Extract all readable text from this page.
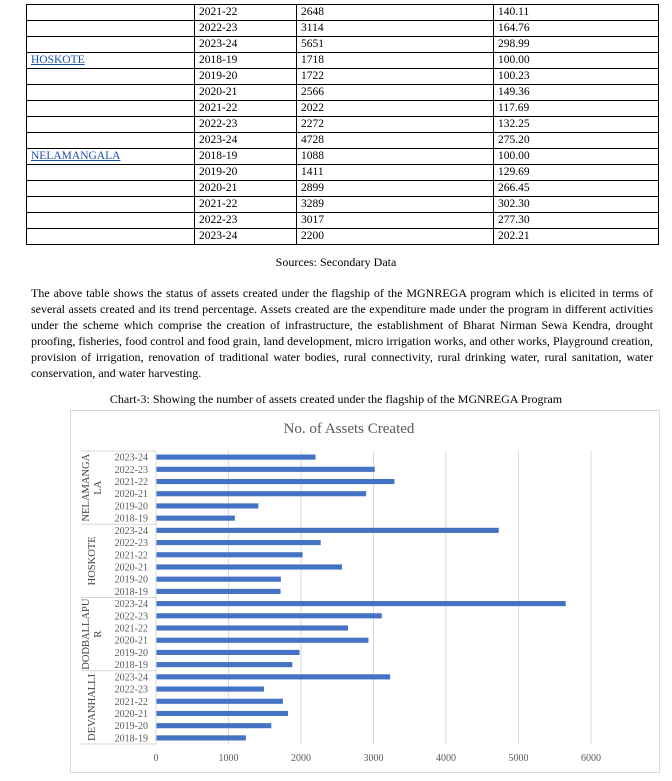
	2021-22	2648	140.11
	2022-23	3114	164.76
	2023-24	5651	298.99
HOSKOTE	2018-19	1718	100.00
	2019-20	1722	100.23
	2020-21	2566	149.36
	2021-22	2022	117.69
	2022-23	2272	132.25
	2023-24	4728	275.20
NELAMANGALA	2018-19	1088	100.00
	2019-20	1411	129.69
	2020-21	2899	266.45
	2021-22	3289	302.30
	2022-23	3017	277.30
	2023-24	2200	202.21
Sources: Secondary Data

The above table shows the status of assets created under the flagship of the MGNREGA program which is elicited in terms of several assets created and its trend percentage. Assets created are the expenditure made under the program in different activities under the scheme which comprise the creation of infrastructure, the establishment of Bharat Nirman Sewa Kendra, drought proofing, fisheries, food control and food grain, land development, micro irrigation works, and other works, Playground creation, provision of irrigation, renovation of traditional water bodies, rural connectivity, rural drinking water, rural sanitation, water conservation, and water harvesting.

Chart-3: Showing the number of assets created under the flagship of the MGNREGA Program
No. of Assets Created
0	1000	2000	3000	4000	5000	6000
2018-19
2019-20
2020-21
2021-22
2022-23
2023-24
2018-19
2019-20
2020-21
2021-22
2022-23
2023-24
2018-19
2019-20
2020-21
2021-22
2022-23
2023-24
2018-19
2019-20
2020-21
2021-22
2022-23
2023-24
DEVANHALLI
DODBALLAPU R
HOSKOTE
NELAMANGA LA
